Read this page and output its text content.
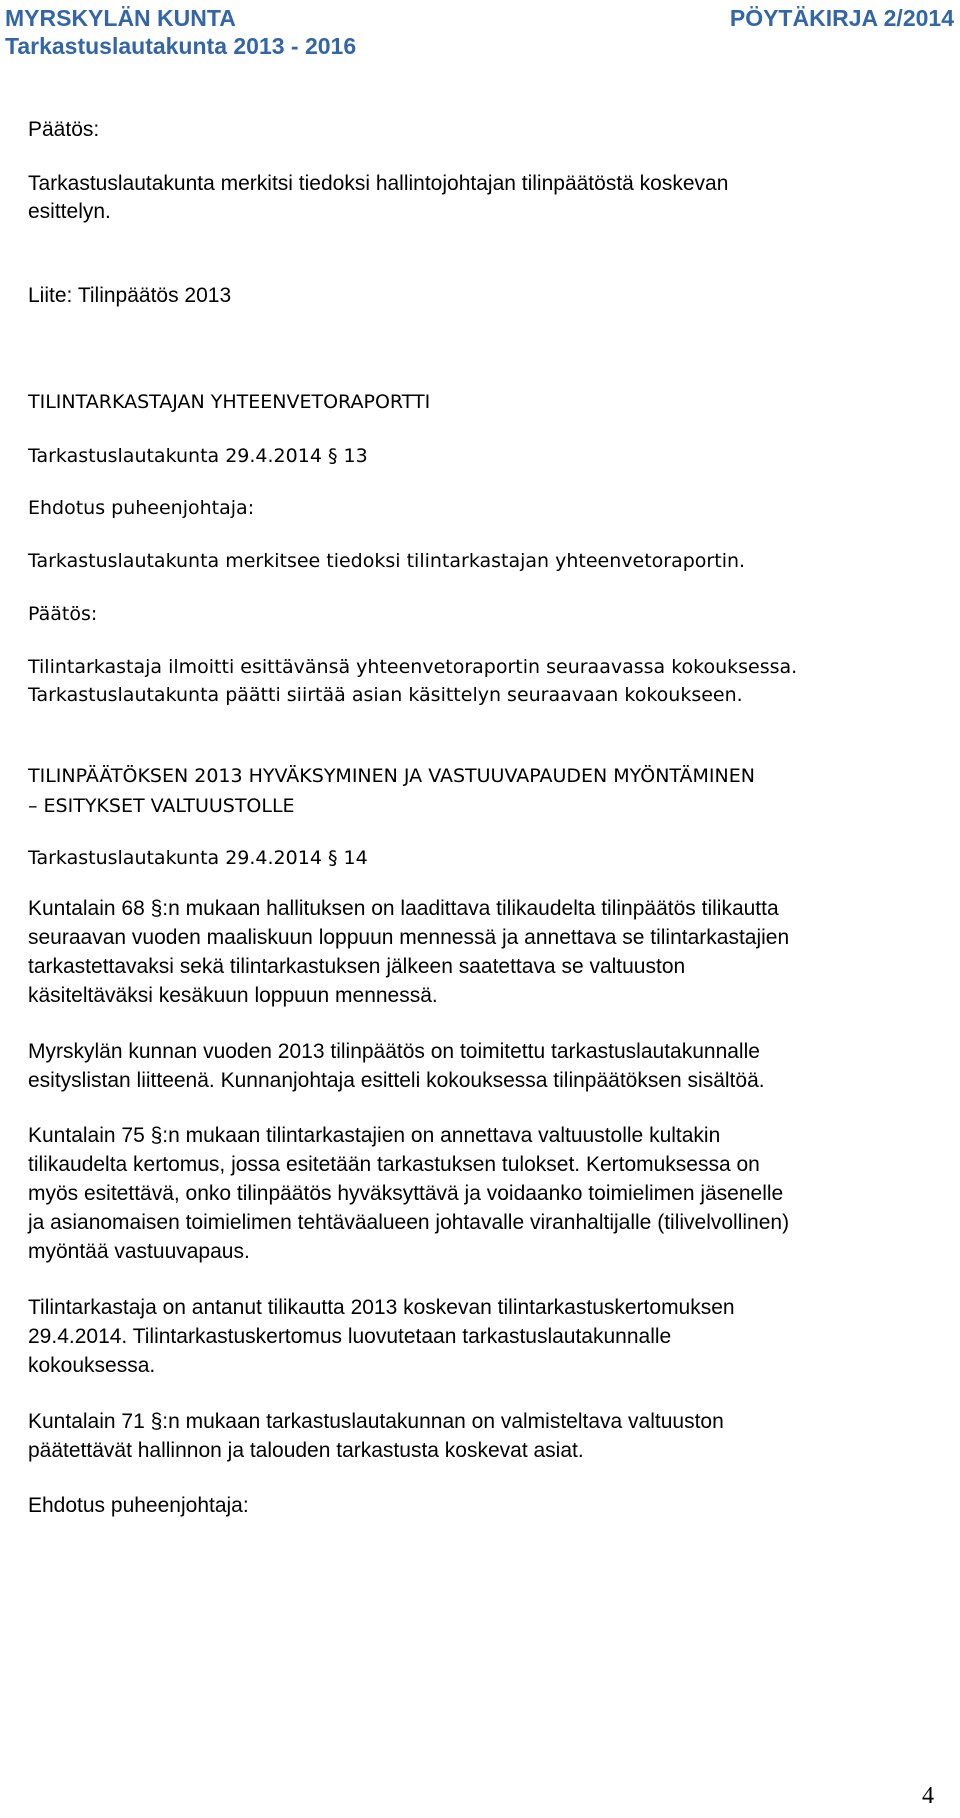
MYRSKYLÄN KUNTA
Tarkastuslautakunta 2013 - 2016
PÖYTÄKIRJA 2/2014
Päätös:
Tarkastuslautakunta merkitsi tiedoksi hallintojohtajan tilinpäätöstä koskevan
esittelyn.
Liite: Tilinpäätös 2013
TILINTARKASTAJAN YHTEENVETORAPORTTI
Tarkastuslautakunta 29.4.2014 § 13
Ehdotus puheenjohtaja:
Tarkastuslautakunta merkitsee tiedoksi tilintarkastajan yhteenvetoraportin.
Päätös:
Tilintarkastaja ilmoitti esittävänsä yhteenvetoraportin seuraavassa kokouksessa.
Tarkastuslautakunta päätti siirtää asian käsittelyn seuraavaan kokoukseen.
TILINPÄÄTÖKSEN 2013 HYVÄKSYMINEN JA VASTUUVAPAUDEN MYÖNTÄMINEN
– ESITYKSET VALTUUSTOLLE
Tarkastuslautakunta 29.4.2014 § 14
Kuntalain 68 §:n mukaan hallituksen on laadittava tilikaudelta tilinpäätös tilikautta
seuraavan vuoden maaliskuun loppuun mennessä ja annettava se tilintarkastajien
tarkastettavaksi sekä tilintarkastuksen jälkeen saatettava se valtuuston
käsiteltäväksi kesäkuun loppuun mennessä.
Myrskylän kunnan vuoden 2013 tilinpäätös on toimitettu tarkastuslautakunnalle
esityslistan liitteenä. Kunnanjohtaja esitteli kokouksessa tilinpäätöksen sisältöä.
Kuntalain 75 §:n mukaan tilintarkastajien on annettava valtuustolle kultakin
tilikaudelta kertomus, jossa esitetään tarkastuksen tulokset. Kertomuksessa on
myös esitettävä, onko tilinpäätös hyväksyttävä ja voidaanko toimielimen jäsenelle
ja asianomaisen toimielimen tehtäväalueen johtavalle viranhaltijalle (tilivelvollinen)
myöntää vastuuvapaus.
Tilintarkastaja on antanut tilikautta 2013 koskevan tilintarkastuskertomuksen
29.4.2014. Tilintarkastuskertomus luovutetaan tarkastuslautakunnalle
kokouksessa.
Kuntalain 71 §:n mukaan tarkastuslautakunnan on valmisteltava valtuuston
päätettävät hallinnon ja talouden tarkastusta koskevat asiat.
Ehdotus puheenjohtaja:
4
